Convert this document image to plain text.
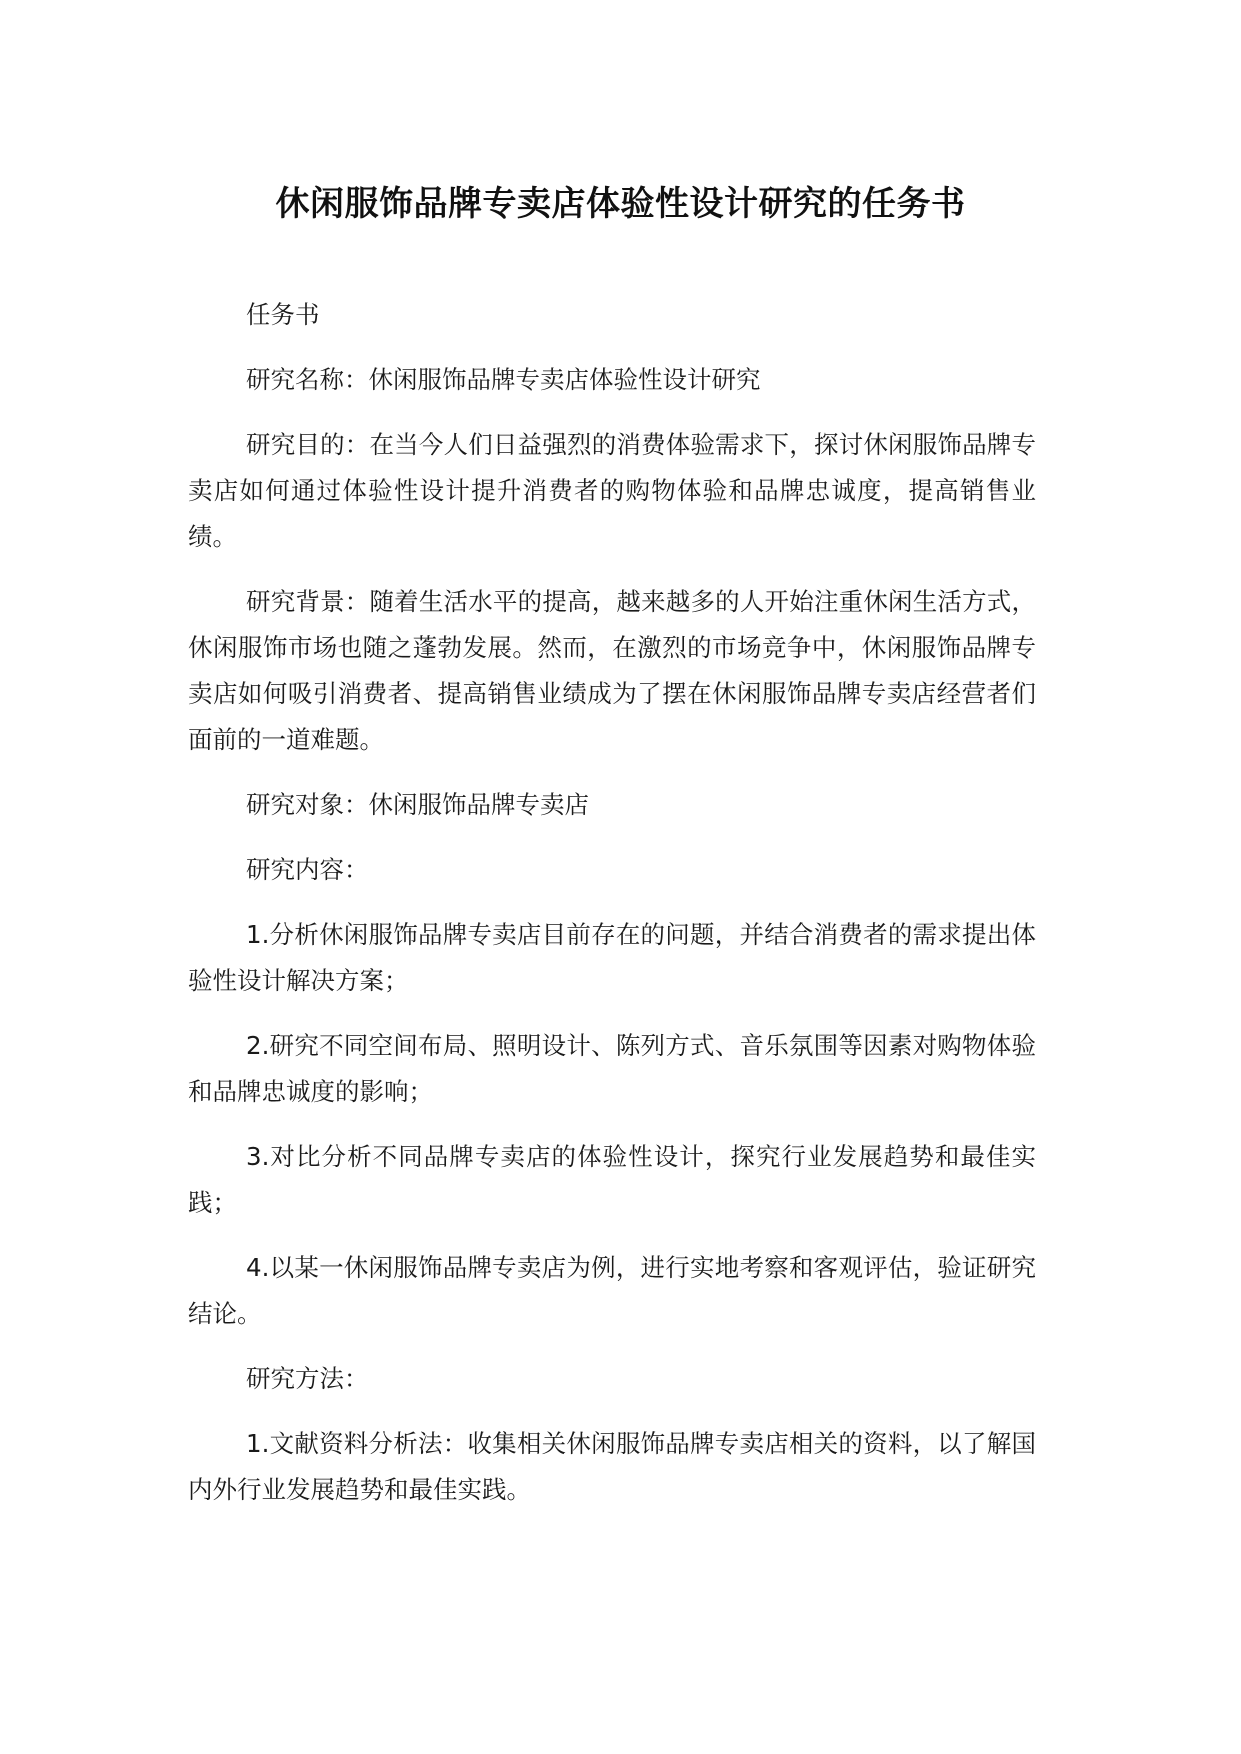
休闲服饰品牌专卖店体验性设计研究的任务书

任务书

研究名称：休闲服饰品牌专卖店体验性设计研究

研究目的：在当今人们日益强烈的消费体验需求下，探讨休闲服饰品牌专卖店如何通过体验性设计提升消费者的购物体验和品牌忠诚度，提高销售业绩。

研究背景：随着生活水平的提高，越来越多的人开始注重休闲生活方式，休闲服饰市场也随之蓬勃发展。然而，在激烈的市场竞争中，休闲服饰品牌专卖店如何吸引消费者、提高销售业绩成为了摆在休闲服饰品牌专卖店经营者们面前的一道难题。

研究对象：休闲服饰品牌专卖店

研究内容：

1.分析休闲服饰品牌专卖店目前存在的问题，并结合消费者的需求提出体验性设计解决方案；

2.研究不同空间布局、照明设计、陈列方式、音乐氛围等因素对购物体验和品牌忠诚度的影响；

3.对比分析不同品牌专卖店的体验性设计，探究行业发展趋势和最佳实践；

4.以某一休闲服饰品牌专卖店为例，进行实地考察和客观评估，验证研究结论。

研究方法：

1.文献资料分析法：收集相关休闲服饰品牌专卖店相关的资料，以了解国内外行业发展趋势和最佳实践。
